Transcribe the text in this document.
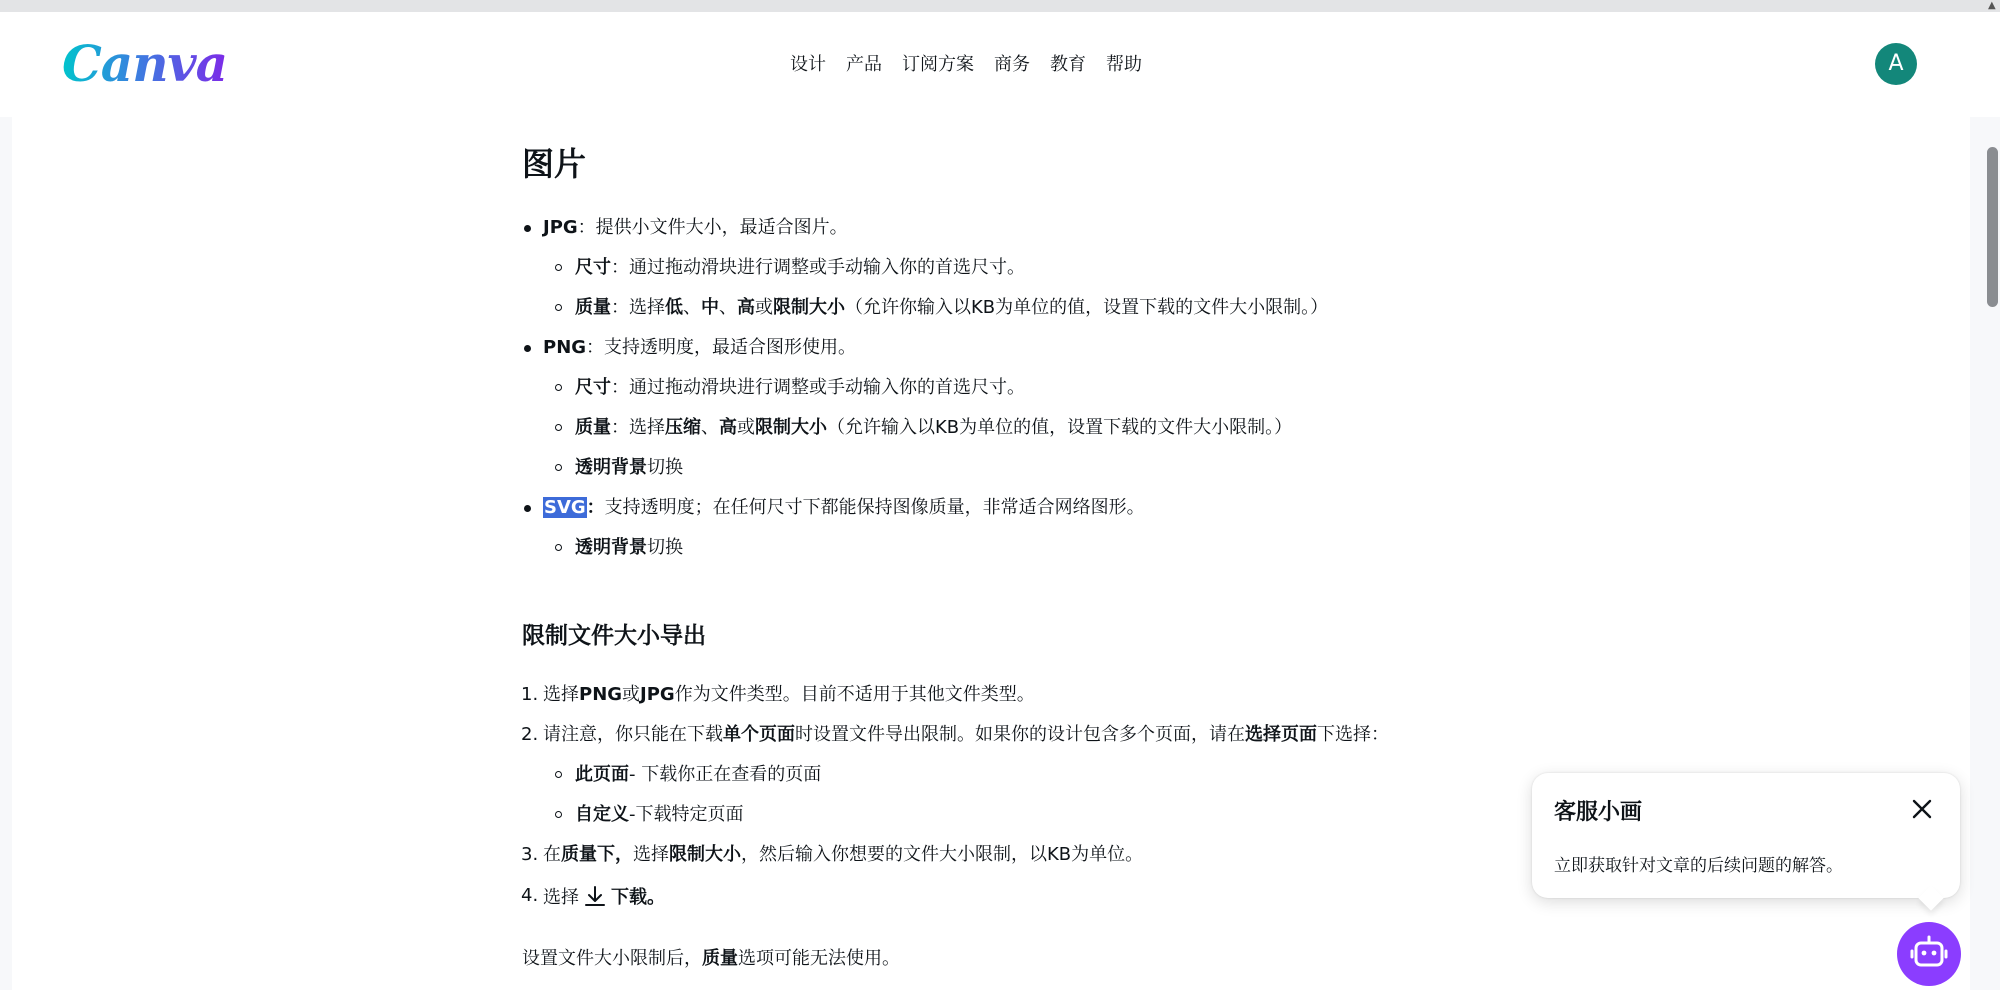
Canva	设计 产品 订阅方案 商务 教育 帮助	A
图片
JPG：提供小文件大小，最适合图片。
尺寸：通过拖动滑块进行调整或手动输入你的首选尺寸。
质量：选择低、中、高或限制大小（允许你输入以KB为单位的值，设置下载的文件大小限制。）
PNG：支持透明度，最适合图形使用。
尺寸：通过拖动滑块进行调整或手动输入你的首选尺寸。
质量：选择压缩、高或限制大小（允许输入以KB为单位的值，设置下载的文件大小限制。）
透明背景切换
SVG：支持透明度；在任何尺寸下都能保持图像质量，非常适合网络图形。
透明背景切换
限制文件大小导出
1. 选择PNG或JPG作为文件类型。目前不适用于其他文件类型。
2. 请注意，你只能在下载单个页面时设置文件导出限制。如果你的设计包含多个页面，请在选择页面下选择：
此页面- 下载你正在查看的页面
自定义-下载特定页面
3. 在质量下，选择限制大小，然后输入你想要的文件大小限制，以KB为单位。
4. 选择 下载。
设置文件大小限制后，质量选项可能无法使用。
▲
客服小画
立即获取针对文章的后续问题的解答。
